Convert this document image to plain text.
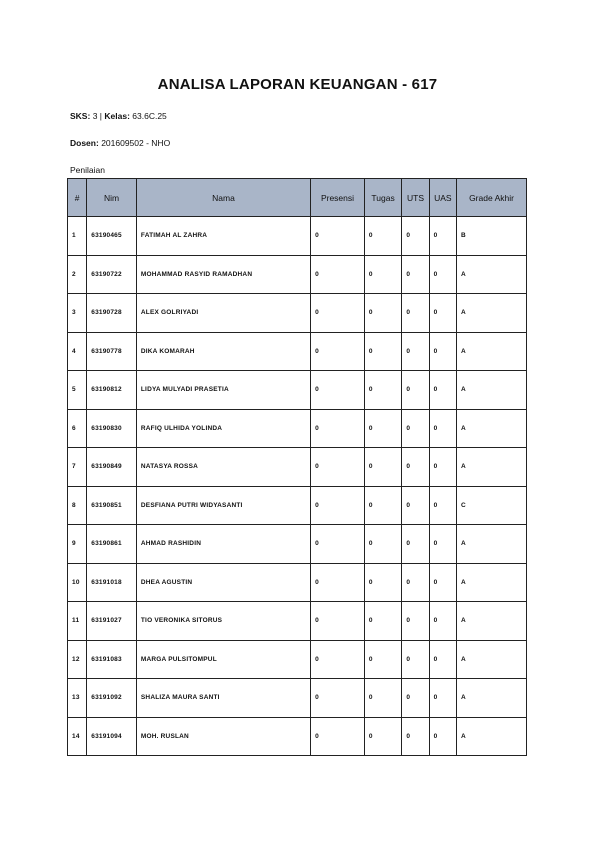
ANALISA LAPORAN KEUANGAN - 617
SKS: 3 | Kelas: 63.6C.25
Dosen: 201609502 - NHO
Penilaian
#	Nim	Nama	Presensi	Tugas	UTS	UAS	Grade Akhir
1	63190465	FATIMAH AL ZAHRA	0	0	0	0	B
2	63190722	MOHAMMAD RASYID RAMADHAN	0	0	0	0	A
3	63190728	ALEX GOLRIYADI	0	0	0	0	A
4	63190778	DIKA KOMARAH	0	0	0	0	A
5	63190812	LIDYA MULYADI PRASETIA	0	0	0	0	A
6	63190830	RAFIQ ULHIDA YOLINDA	0	0	0	0	A
7	63190849	NATASYA ROSSA	0	0	0	0	A
8	63190851	DESFIANA PUTRI WIDYASANTI	0	0	0	0	C
9	63190861	AHMAD RASHIDIN	0	0	0	0	A
10	63191018	DHEA AGUSTIN	0	0	0	0	A
11	63191027	TIO VERONIKA SITORUS	0	0	0	0	A
12	63191083	MARGA PULSITOMPUL	0	0	0	0	A
13	63191092	SHALIZA MAURA SANTI	0	0	0	0	A
14	63191094	MOH. RUSLAN	0	0	0	0	A
